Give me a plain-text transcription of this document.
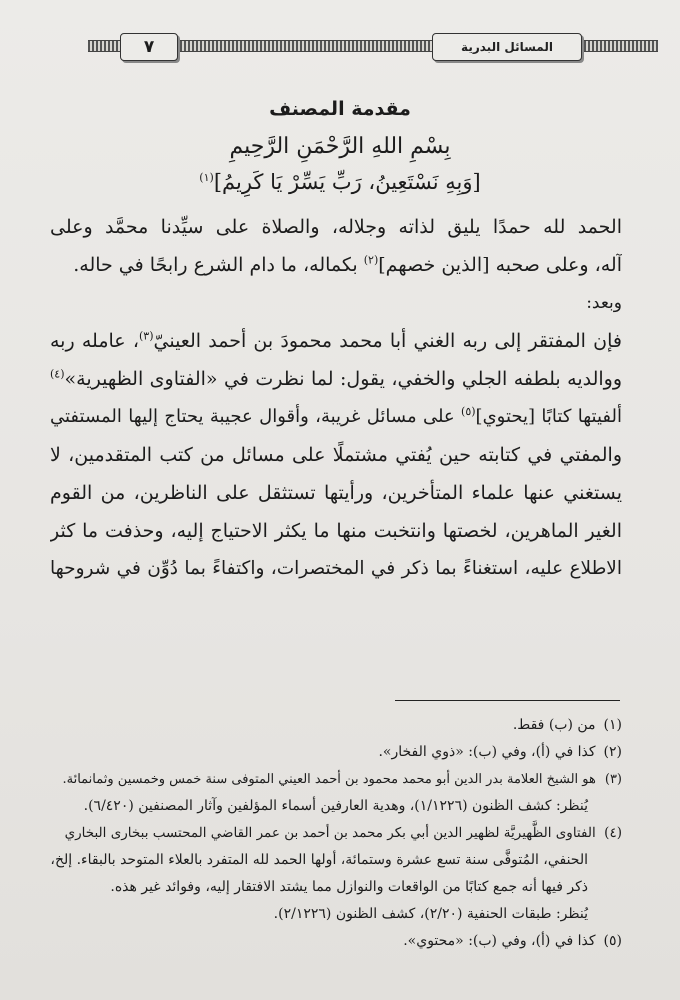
المسائل البدرية
٧
مقدمة المصنف
بِسْمِ اللهِ الرَّحْمَنِ الرَّحِيمِ
[وَبِهِ نَسْتَعِينُ، رَبِّ يَسِّرْ يَا كَرِيمُ]$^{(١)}$
الحمد لله حمدًا يليق لذاته وجلاله، والصلاة على سيِّدنا محمَّد وعلى
آله، وعلى صحبه [الذين خصهم]$^{(٢)}$ بكماله، ما دام الشرع رابحًا في حاله.
وبعد:
فإن المفتقر إلى ربه الغني أبا محمد محمودَ بن أحمد العينيّ$^{(٣)}$، عامله ربه
ووالديه بلطفه الجلي والخفي، يقول: لما نظرت في «الفتاوى الظهيرية»$^{(٤)}$
ألفيتها كتابًا [يحتوي]$^{(٥)}$ على مسائل غريبة، وأقوال عجيبة يحتاج إليها المستفتي
والمفتي في كتابته حين يُفتي مشتملًا على مسائل من كتب المتقدمين، لا
يستغني عنها علماء المتأخرين، ورأيتها تستثقل على الناظرين، من القوم
الغير الماهرين، لخصتها وانتخبت منها ما يكثر الاحتياج إليه، وحذفت ما كثر
الاطلاع عليه، استغناءً بما ذكر في المختصرات، واكتفاءً بما دُوِّن في شروحها
(١) من (ب) فقط.
(٢) كذا في (أ)، وفي (ب): «ذوي الفخار».
(٣) هو الشيخ العلامة بدر الدين أبو محمد محمود بن أحمد العيني المتوفى سنة خمس وخمسين وثمانمائة.
يُنظر: كشف الظنون (١/١٢٢٦)، وهدية العارفين أسماء المؤلفين وآثار المصنفين (٦/٤٢٠).
(٤) الفتاوى الظَّهيريَّة لظهير الدين أبي بكر محمد بن أحمد بن عمر القاضي المحتسب ببخارى البخاري
الحنفي، المُتوفَّى سنة تسع عشرة وستمائة، أولها الحمد لله المتفرد بالعلاء المتوحد بالبقاء. إلخ،
ذكر فيها أنه جمع كتابًا من الواقعات والنوازل مما يشتد الافتقار إليه، وفوائد غير هذه.
يُنظر: طبقات الحنفية (٢/٢٠)، كشف الظنون (٢/١٢٢٦).
(٥) كذا في (أ)، وفي (ب): «محتوي».
